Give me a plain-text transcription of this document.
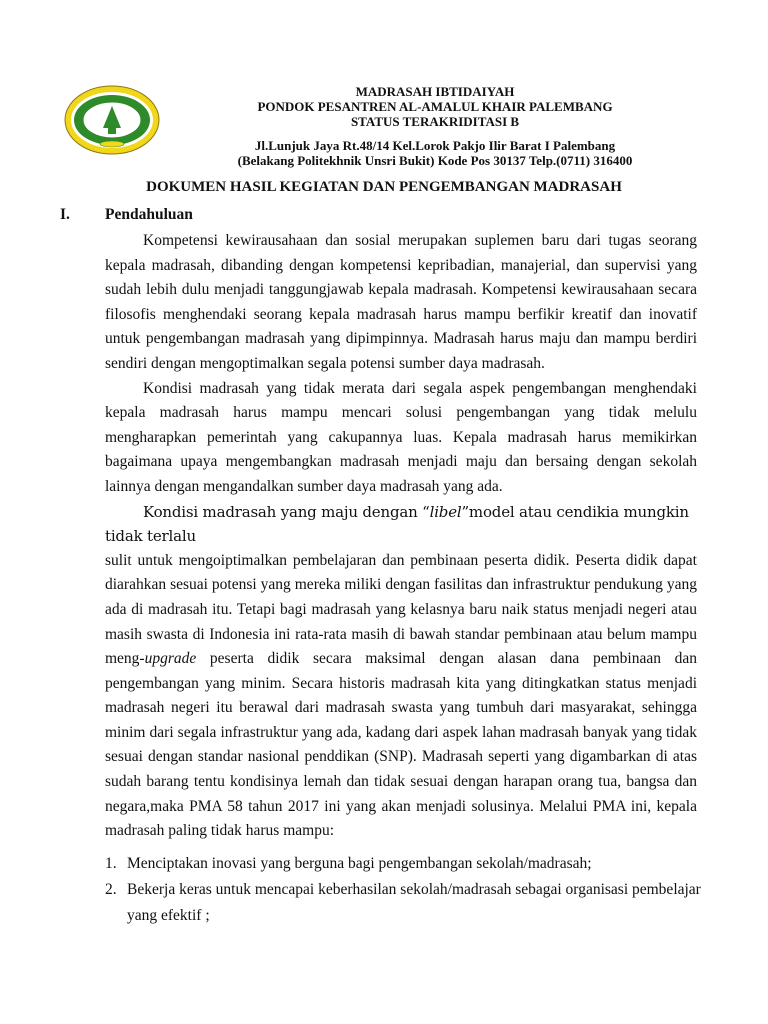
MADRASAH IBTIDAIYAH
PONDOK PESANTREN AL-AMALUL KHAIR PALEMBANG
STATUS TERAKRIDITASI B
Jl.Lunjuk Jaya Rt.48/14 Kel.Lorok Pakjo Ilir Barat I Palembang
(Belakang Politekhnik Unsri Bukit) Kode Pos 30137 Telp.(0711) 316400
DOKUMEN HASIL KEGIATAN DAN PENGEMBANGAN MADRASAH
I. Pendahuluan

Kompetensi kewirausahaan dan sosial merupakan suplemen baru dari tugas seorang kepala madrasah, dibanding dengan kompetensi kepribadian, manajerial, dan supervisi yang sudah lebih dulu menjadi tanggungjawab kepala madrasah. Kompetensi kewirausahaan secara filosofis menghendaki seorang kepala madrasah harus mampu berfikir kreatif dan inovatif untuk pengembangan madrasah yang dipimpinnya. Madrasah harus maju dan mampu berdiri sendiri dengan mengoptimalkan segala potensi sumber daya madrasah.

Kondisi madrasah yang tidak merata dari segala aspek pengembangan menghendaki kepala madrasah harus mampu mencari solusi pengembangan yang tidak melulu mengharapkan pemerintah yang cakupannya luas. Kepala madrasah harus memikirkan bagaimana upaya mengembangkan madrasah menjadi maju dan bersaing dengan sekolah lainnya dengan mengandalkan sumber daya madrasah yang ada.

Kondisi madrasah yang maju dengan “libel”model atau cendikia mungkin tidak terlalu

sulit untuk mengoiptimalkan pembelajaran dan pembinaan peserta didik. Peserta didik dapat diarahkan sesuai potensi yang mereka miliki dengan fasilitas dan infrastruktur pendukung yang ada di madrasah itu. Tetapi bagi madrasah yang kelasnya baru naik status menjadi negeri atau masih swasta di Indonesia ini rata-rata masih di bawah standar pembinaan atau belum mampu meng-upgrade peserta didik secara maksimal dengan alasan dana pembinaan dan pengembangan yang minim. Secara historis madrasah kita yang ditingkatkan status menjadi madrasah negeri itu berawal dari madrasah swasta yang tumbuh dari masyarakat, sehingga minim dari segala infrastruktur yang ada, kadang dari aspek lahan madrasah banyak yang tidak sesuai dengan standar nasional penddikan (SNP). Madrasah seperti yang digambarkan di atas sudah barang tentu kondisinya lemah dan tidak sesuai dengan harapan orang tua, bangsa dan negara,maka PMA 58 tahun 2017 ini yang akan menjadi solusinya. Melalui PMA ini, kepala madrasah paling tidak harus mampu:

1. Menciptakan inovasi yang berguna bagi pengembangan sekolah/madrasah;
2. Bekerja keras untuk mencapai keberhasilan sekolah/madrasah sebagai organisasi pembelajar yang efektif ;
